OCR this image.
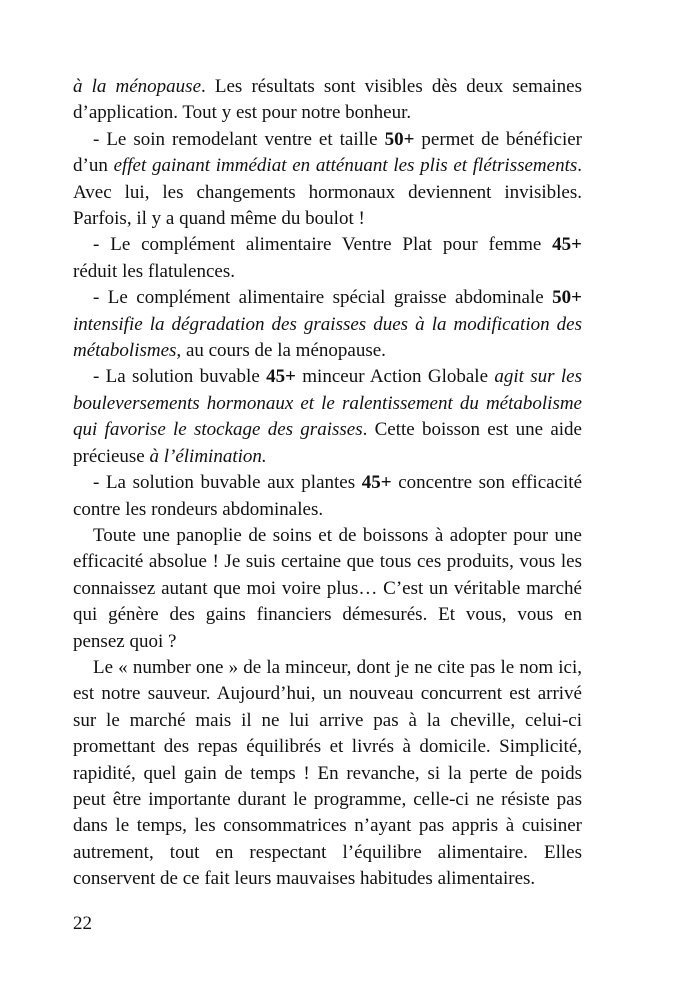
à la ménopause. Les résultats sont visibles dès deux semaines d’application. Tout y est pour notre bonheur.

- Le soin remodelant ventre et taille 50+ permet de bénéficier d’un effet gainant immédiat en atténuant les plis et flétrissements. Avec lui, les changements hormonaux deviennent invisibles. Parfois, il y a quand même du boulot !

- Le complément alimentaire Ventre Plat pour femme 45+ réduit les flatulences.

- Le complément alimentaire spécial graisse abdominale 50+ intensifie la dégradation des graisses dues à la modification des métabolismes, au cours de la ménopause.

- La solution buvable 45+ minceur Action Globale agit sur les bouleversements hormonaux et le ralentissement du métabolisme qui favorise le stockage des graisses. Cette boisson est une aide précieuse à l’élimination.

- La solution buvable aux plantes 45+ concentre son efficacité contre les rondeurs abdominales.

Toute une panoplie de soins et de boissons à adopter pour une efficacité absolue ! Je suis certaine que tous ces produits, vous les connaissez autant que moi voire plus… C’est un véritable marché qui génère des gains financiers démesurés. Et vous, vous en pensez quoi ?

Le « number one » de la minceur, dont je ne cite pas le nom ici, est notre sauveur. Aujourd’hui, un nouveau concurrent est arrivé sur le marché mais il ne lui arrive pas à la cheville, celui-ci promettant des repas équilibrés et livrés à domicile. Simplicité, rapidité, quel gain de temps ! En revanche, si la perte de poids peut être importante durant le programme, celle-ci ne résiste pas dans le temps, les consommatrices n’ayant pas appris à cuisiner autrement, tout en respectant l’équilibre alimentaire. Elles conservent de ce fait leurs mauvaises habitudes alimentaires.

22
